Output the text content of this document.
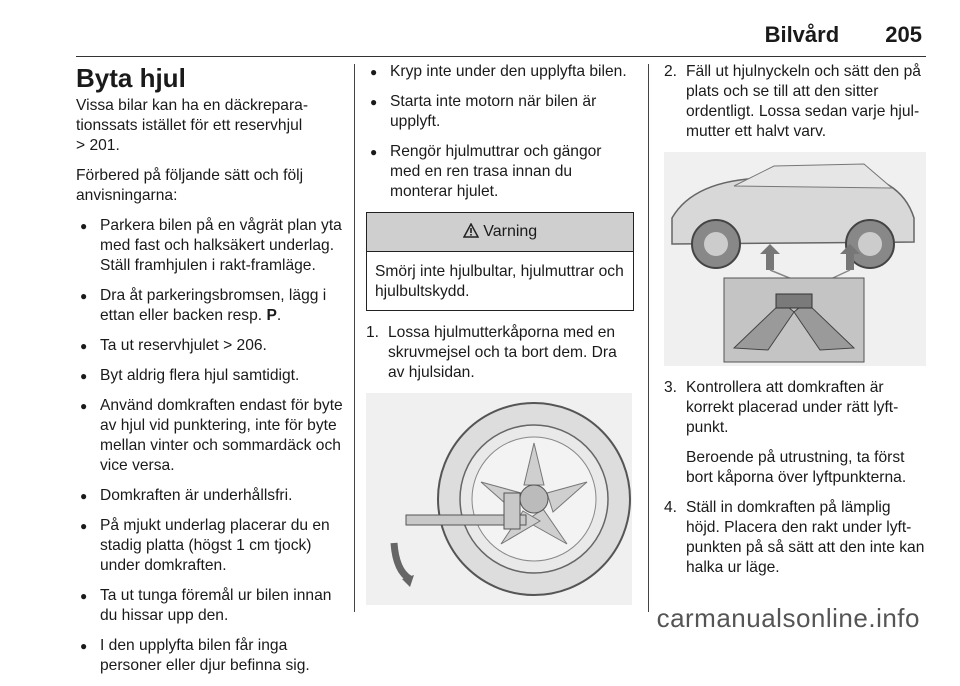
Bilvård 205
Byta hjul

Vissa bilar kan ha en däckrepara-tionssats istället för ett reservhjul
> 201.

Förbered på följande sätt och följ anvisningarna:

● Parkera bilen på en vågrät plan yta med fast och halksäkert underlag. Ställ framhjulen i rakt-framläge.
● Dra åt parkeringsbromsen, lägg i ettan eller backen resp. P.
● Ta ut reservhjulet > 206.
● Byt aldrig flera hjul samtidigt.
● Använd domkraften endast för byte av hjul vid punktering, inte för byte mellan vinter och sommardäck och vice versa.
● Domkraften är underhållsfri.
● På mjukt underlag placerar du en stadig platta (högst 1 cm tjock) under domkraften.
● Ta ut tunga föremål ur bilen innan du hissar upp den.
● I den upplyfta bilen får inga personer eller djur befinna sig.
● Kryp inte under den upplyfta bilen.
● Starta inte motorn när bilen är upplyft.
● Rengör hjulmuttrar och gängor med en ren trasa innan du monterar hjulet.
Varning
Smörj inte hjulbultar, hjulmuttrar och hjulbultskydd.
1. Lossa hjulmutterkåporna med en skruvmejsel och ta bort dem. Dra av hjulsidan.
2. Fäll ut hjulnyckeln och sätt den på plats och se till att den sitter ordentligt. Lossa sedan varje hjul-mutter ett halvt varv.
3. Kontrollera att domkraften är korrekt placerad under rätt lyft-punkt.
Beroende på utrustning, ta först bort kåporna över lyftpunkterna.
4. Ställ in domkraften på lämplig höjd. Placera den rakt under lyft-punkten på så sätt att den inte kan halka ur läge.
carmanualsonline.info
